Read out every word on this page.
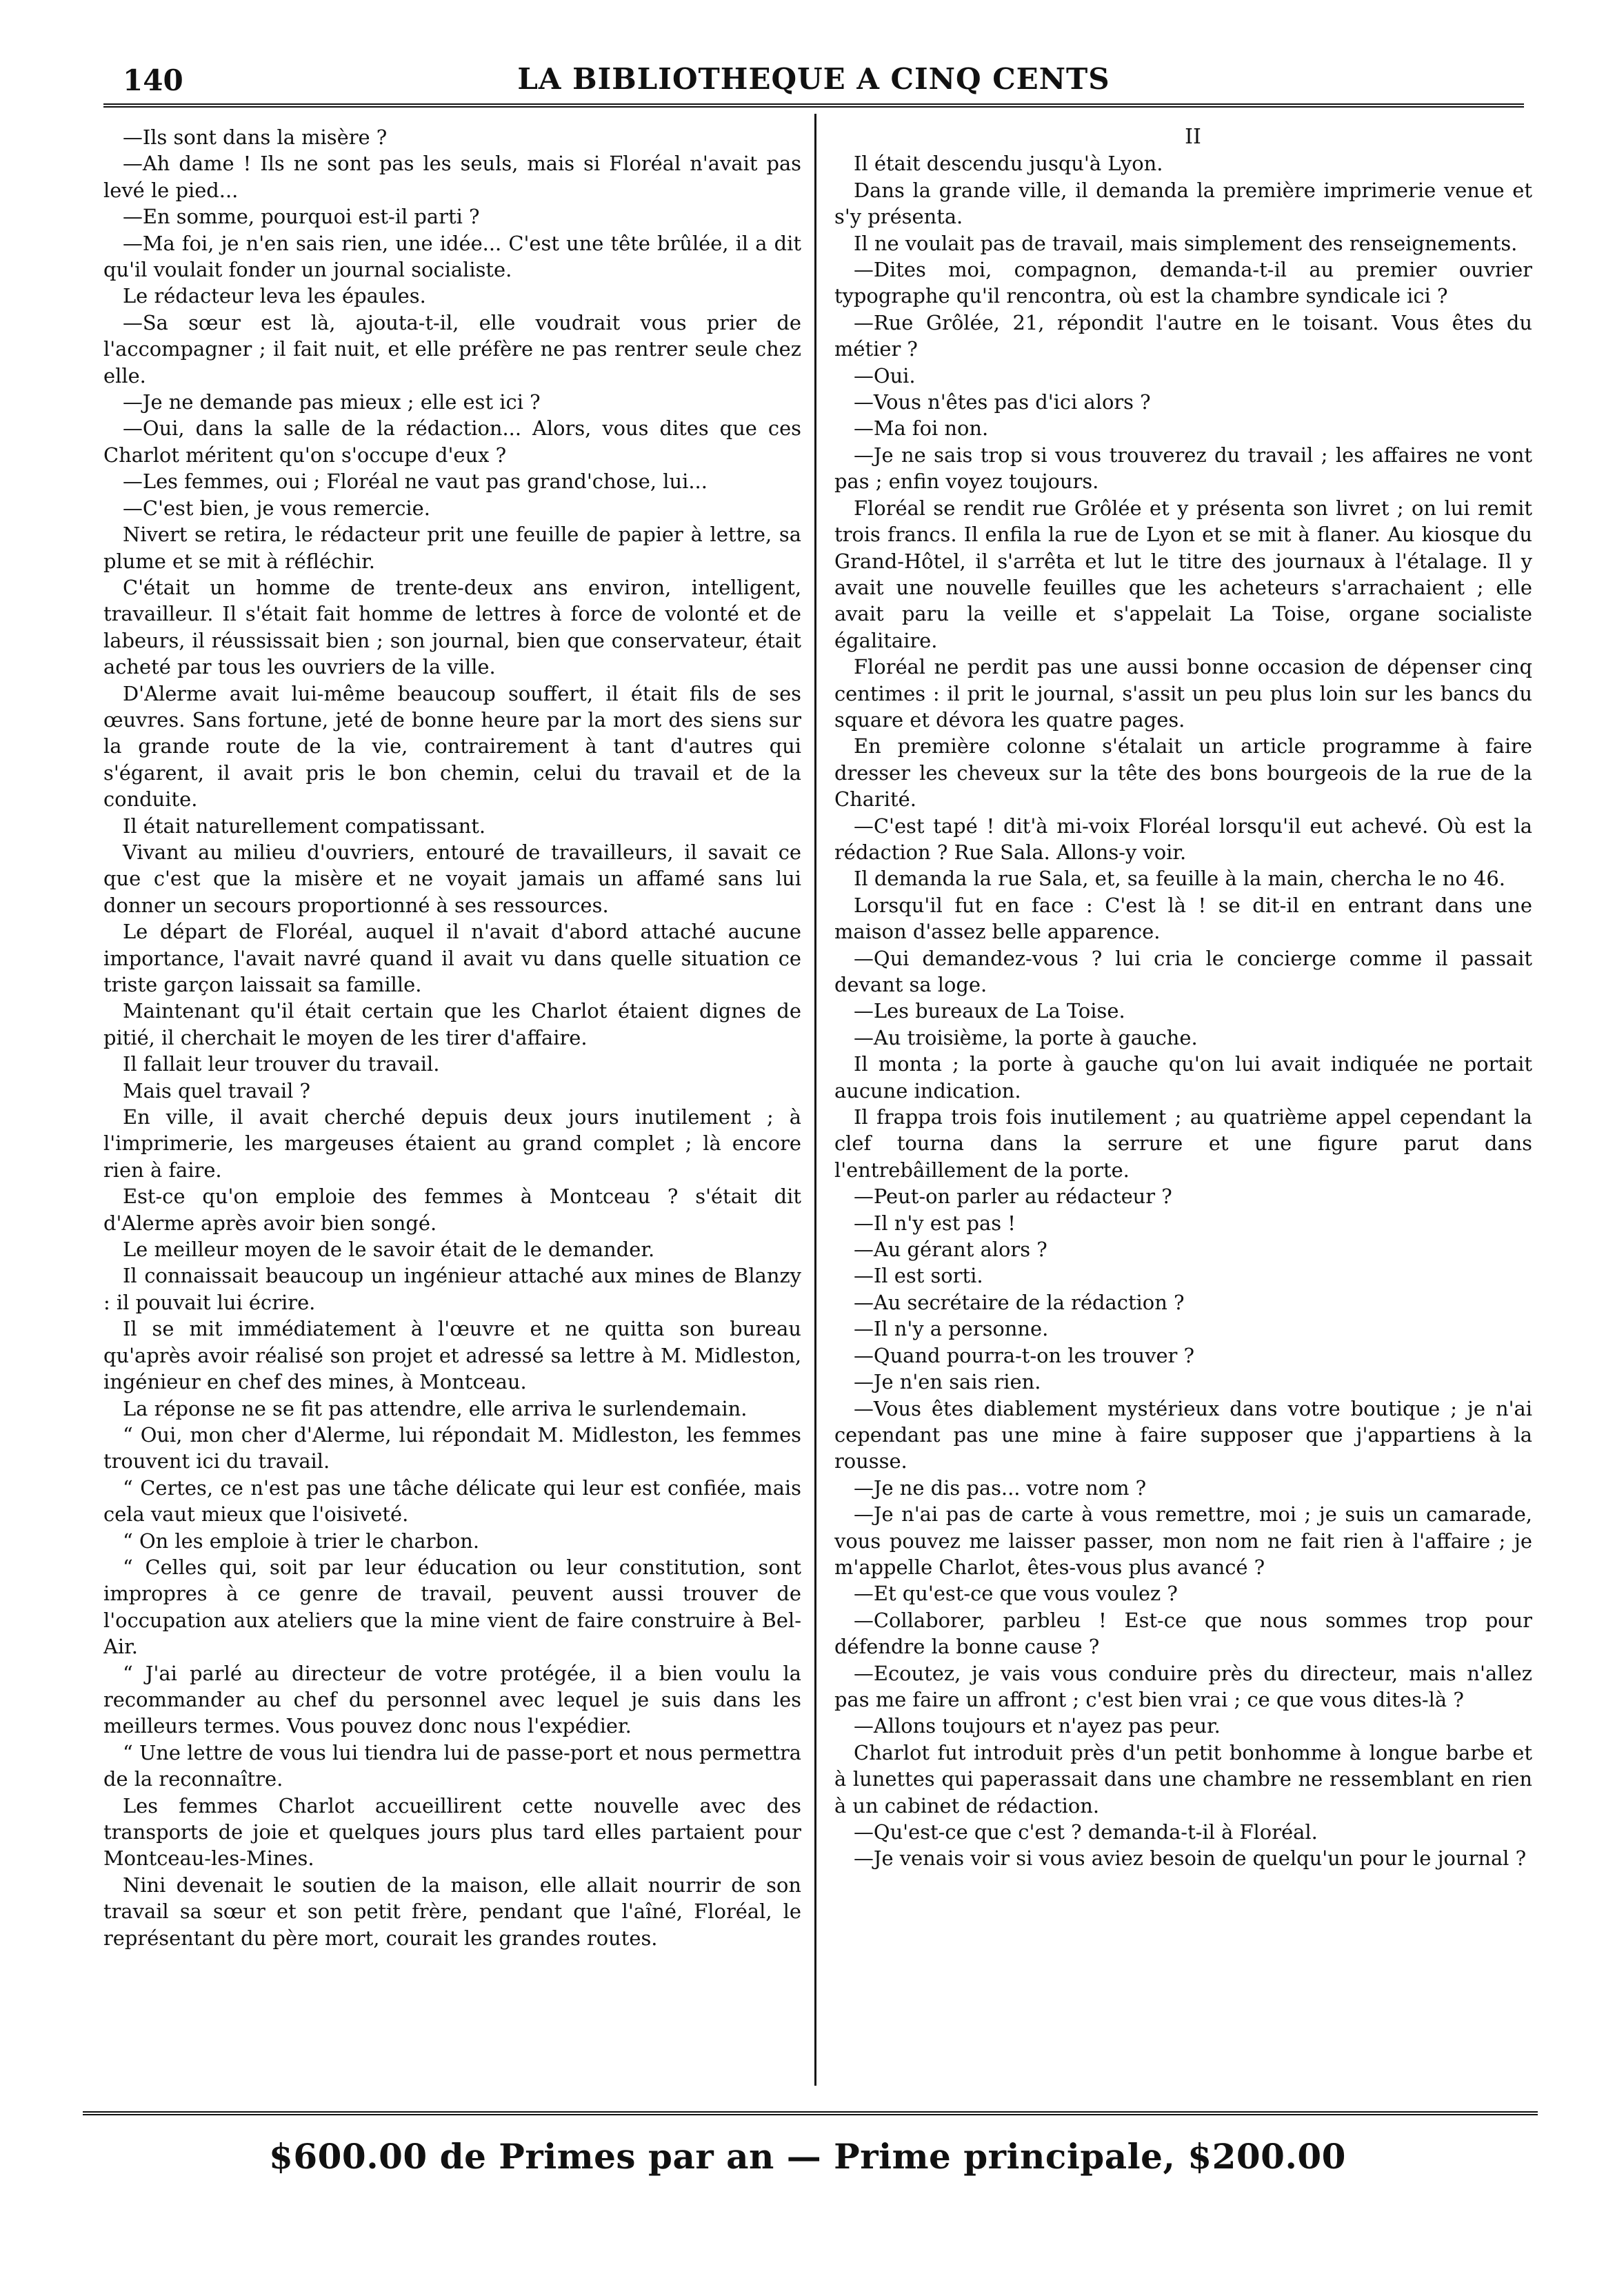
140	LA BIBLIOTHEQUE A CINQ CENTS

—Ils sont dans la misère ?

—Ah dame ! Ils ne sont pas les seuls, mais si Floréal n'avait pas levé le pied...

—En somme, pourquoi est-il parti ?

—Ma foi, je n'en sais rien, une idée... C'est une tête brûlée, il a dit qu'il voulait fonder un journal socialiste.

Le rédacteur leva les épaules.

—Sa sœur est là, ajouta-t-il, elle voudrait vous prier de l'accompagner ; il fait nuit, et elle préfère ne pas rentrer seule chez elle.

—Je ne demande pas mieux ; elle est ici ?

—Oui, dans la salle de la rédaction... Alors, vous dites que ces Charlot méritent qu'on s'occupe d'eux ?

—Les femmes, oui ; Floréal ne vaut pas grand'chose, lui...

—C'est bien, je vous remercie.

Nivert se retira, le rédacteur prit une feuille de papier à lettre, sa plume et se mit à réfléchir.

C'était un homme de trente-deux ans environ, intelligent, travailleur. Il s'était fait homme de lettres à force de volonté et de labeurs, il réussissait bien ; son journal, bien que conservateur, était acheté par tous les ouvriers de la ville.

D'Alerme avait lui-même beaucoup souffert, il était fils de ses œuvres. Sans fortune, jeté de bonne heure par la mort des siens sur la grande route de la vie, contrairement à tant d'autres qui s'égarent, il avait pris le bon chemin, celui du travail et de la conduite.

Il était naturellement compatissant.

Vivant au milieu d'ouvriers, entouré de travailleurs, il savait ce que c'est que la misère et ne voyait jamais un affamé sans lui donner un secours proportionné à ses ressources.

Le départ de Floréal, auquel il n'avait d'abord attaché aucune importance, l'avait navré quand il avait vu dans quelle situation ce triste garçon laissait sa famille.

Maintenant qu'il était certain que les Charlot étaient dignes de pitié, il cherchait le moyen de les tirer d'affaire.

Il fallait leur trouver du travail.

Mais quel travail ?

En ville, il avait cherché depuis deux jours inutilement ; à l'imprimerie, les margeuses étaient au grand complet ; là encore rien à faire.

Est-ce qu'on emploie des femmes à Montceau ? s'était dit d'Alerme après avoir bien songé.

Le meilleur moyen de le savoir était de le demander.

Il connaissait beaucoup un ingénieur attaché aux mines de Blanzy : il pouvait lui écrire.

Il se mit immédiatement à l'œuvre et ne quitta son bureau qu'après avoir réalisé son projet et adressé sa lettre à M. Midleston, ingénieur en chef des mines, à Montceau.

La réponse ne se fit pas attendre, elle arriva le surlendemain.

“ Oui, mon cher d'Alerme, lui répondait M. Midleston, les femmes trouvent ici du travail.

“ Certes, ce n'est pas une tâche délicate qui leur est confiée, mais cela vaut mieux que l'oisiveté.

“ On les emploie à trier le charbon.

“ Celles qui, soit par leur éducation ou leur constitution, sont impropres à ce genre de travail, peuvent aussi trouver de l'occupation aux ateliers que la mine vient de faire construire à Bel-Air.

“ J'ai parlé au directeur de votre protégée, il a bien voulu la recommander au chef du personnel avec lequel je suis dans les meilleurs termes. Vous pouvez donc nous l'expédier.

“ Une lettre de vous lui tiendra lui de passe-port et nous permettra de la reconnaître.

Les femmes Charlot accueillirent cette nouvelle avec des transports de joie et quelques jours plus tard elles partaient pour Montceau-les-Mines.

Nini devenait le soutien de la maison, elle allait nourrir de son travail sa sœur et son petit frère, pendant que l'aîné, Floréal, le représentant du père mort, courait les grandes routes.

II

Il était descendu jusqu'à Lyon.

Dans la grande ville, il demanda la première imprimerie venue et s'y présenta.

Il ne voulait pas de travail, mais simplement des renseignements.

—Dites moi, compagnon, demanda-t-il au premier ouvrier typographe qu'il rencontra, où est la chambre syndicale ici ?

—Rue Grôlée, 21, répondit l'autre en le toisant. Vous êtes du métier ?

—Oui.

—Vous n'êtes pas d'ici alors ?

—Ma foi non.

—Je ne sais trop si vous trouverez du travail ; les affaires ne vont pas ; enfin voyez toujours.

Floréal se rendit rue Grôlée et y présenta son livret ; on lui remit trois francs. Il enfila la rue de Lyon et se mit à flaner. Au kiosque du Grand-Hôtel, il s'arrêta et lut le titre des journaux à l'étalage. Il y avait une nouvelle feuilles que les acheteurs s'arrachaient ; elle avait paru la veille et s'appelait La Toise, organe socialiste égalitaire.

Floréal ne perdit pas une aussi bonne occasion de dépenser cinq centimes : il prit le journal, s'assit un peu plus loin sur les bancs du square et dévora les quatre pages.

En première colonne s'étalait un article programme à faire dresser les cheveux sur la tête des bons bourgeois de la rue de la Charité.

—C'est tapé ! dit'à mi-voix Floréal lorsqu'il eut achevé. Où est la rédaction ? Rue Sala. Allons-y voir.

Il demanda la rue Sala, et, sa feuille à la main, chercha le no 46.

Lorsqu'il fut en face : C'est là ! se dit-il en entrant dans une maison d'assez belle apparence.

—Qui demandez-vous ? lui cria le concierge comme il passait devant sa loge.

—Les bureaux de La Toise.

—Au troisième, la porte à gauche.

Il monta ; la porte à gauche qu'on lui avait indiquée ne portait aucune indication.

Il frappa trois fois inutilement ; au quatrième appel cependant la clef tourna dans la serrure et une figure parut dans l'entrebâillement de la porte.

—Peut-on parler au rédacteur ?

—Il n'y est pas !

—Au gérant alors ?

—Il est sorti.

—Au secrétaire de la rédaction ?

—Il n'y a personne.

—Quand pourra-t-on les trouver ?

—Je n'en sais rien.

—Vous êtes diablement mystérieux dans votre boutique ; je n'ai cependant pas une mine à faire supposer que j'appartiens à la rousse.

—Je ne dis pas... votre nom ?

—Je n'ai pas de carte à vous remettre, moi ; je suis un camarade, vous pouvez me laisser passer, mon nom ne fait rien à l'affaire ; je m'appelle Charlot, êtes-vous plus avancé ?

—Et qu'est-ce que vous voulez ?

—Collaborer, parbleu ! Est-ce que nous sommes trop pour défendre la bonne cause ?

—Ecoutez, je vais vous conduire près du directeur, mais n'allez pas me faire un affront ; c'est bien vrai ; ce que vous dites-là ?

—Allons toujours et n'ayez pas peur.

Charlot fut introduit près d'un petit bonhomme à longue barbe et à lunettes qui paperassait dans une chambre ne ressemblant en rien à un cabinet de rédaction.

—Qu'est-ce que c'est ? demanda-t-il à Floréal.

—Je venais voir si vous aviez besoin de quelqu'un pour le journal ?

$600.00 de Primes par an — Prime principale, $200.00
